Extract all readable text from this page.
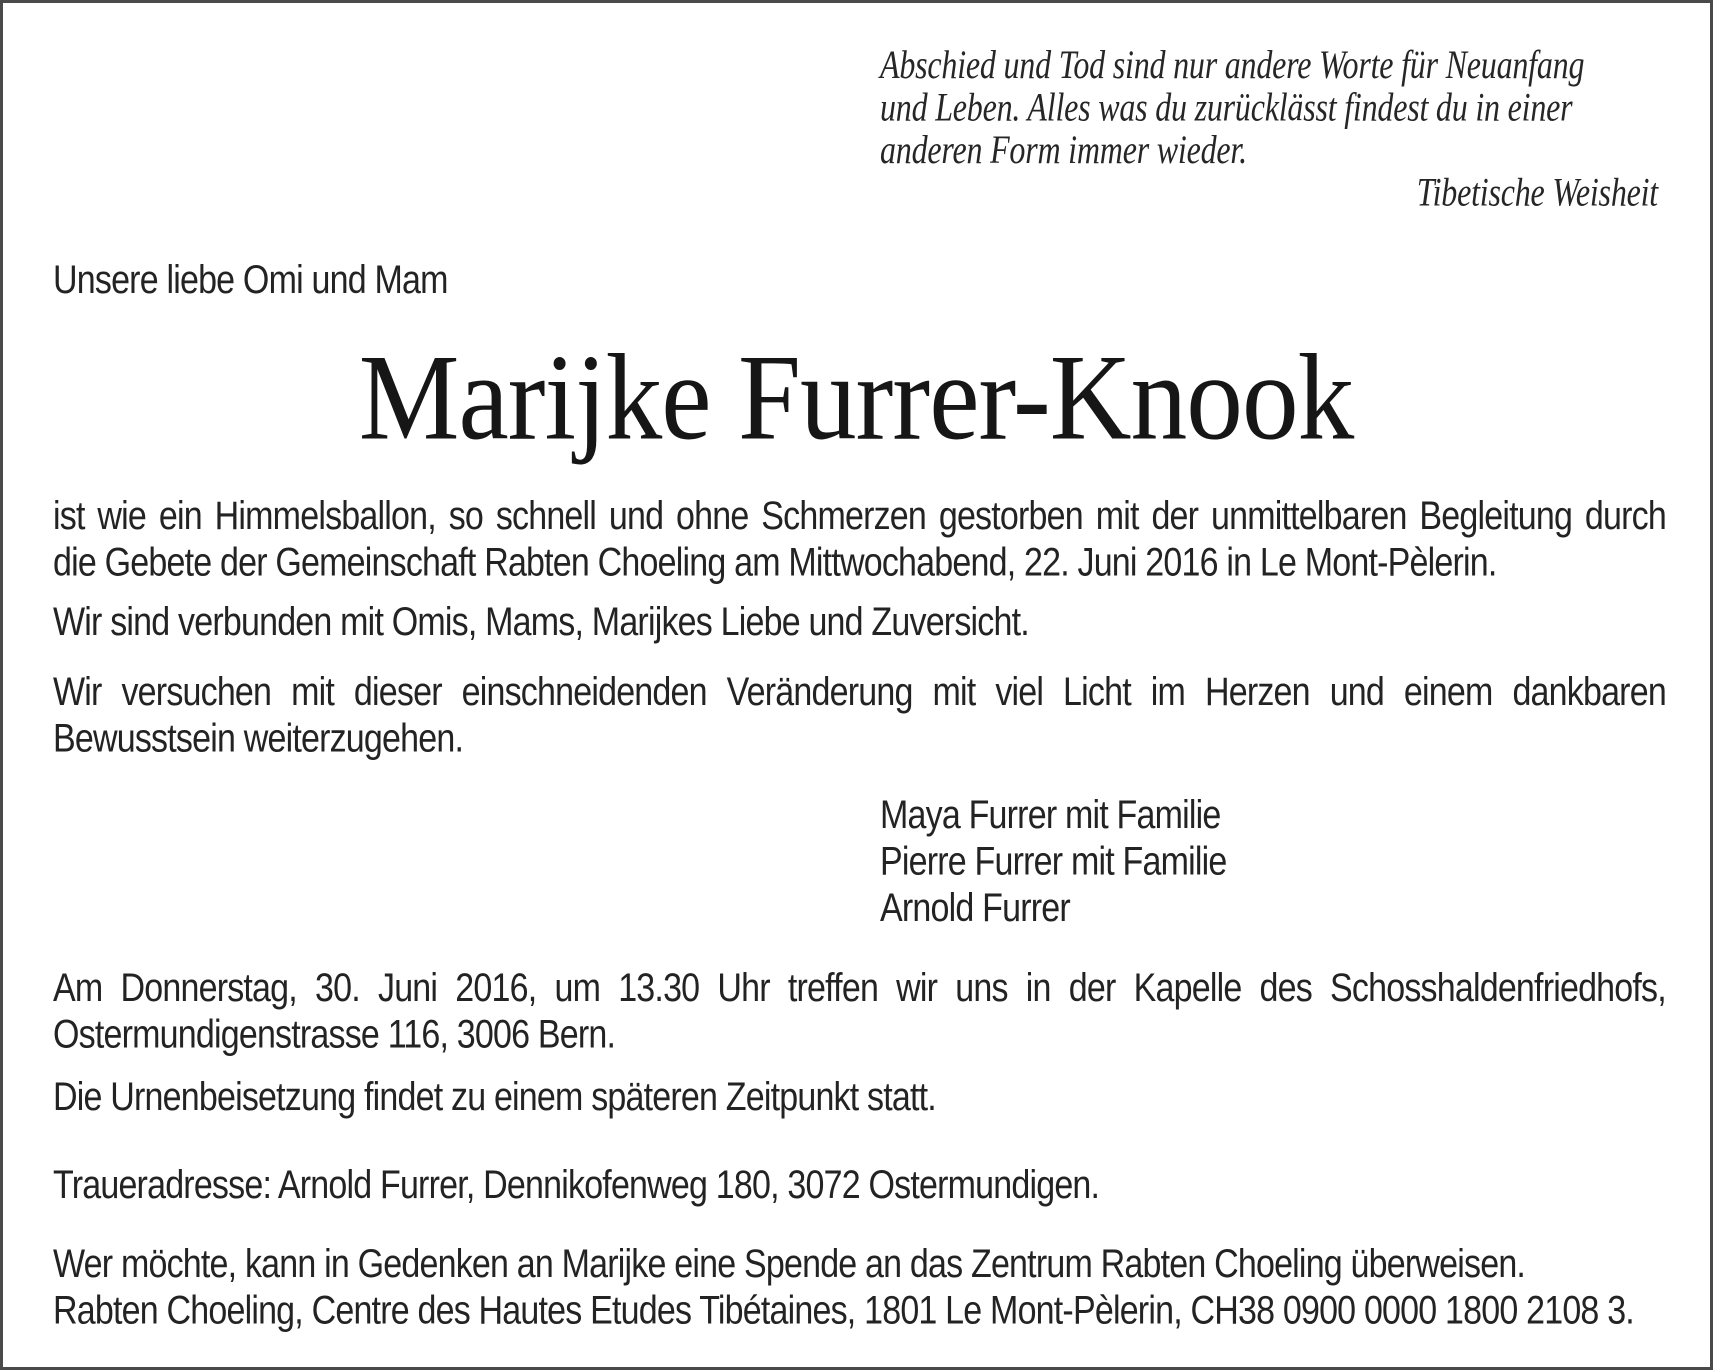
Abschied und Tod sind nur andere Worte für Neuanfang
und Leben. Alles was du zurücklässt findest du in einer
anderen Form immer wieder.
Tibetische Weisheit
Unsere liebe Omi und Mam
Marijke Furrer-Knook
ist wie ein Himmelsballon, so schnell und ohne Schmerzen gestorben mit der unmittelbaren Begleitung durch
die Gebete der Gemeinschaft Rabten Choeling am Mittwochabend, 22. Juni 2016 in Le Mont-Pèlerin.
Wir sind verbunden mit Omis, Mams, Marijkes Liebe und Zuversicht.
Wir versuchen mit dieser einschneidenden Veränderung mit viel Licht im Herzen und einem dankbaren
Bewusstsein weiterzugehen.
Maya Furrer mit Familie
Pierre Furrer mit Familie
Arnold Furrer
Am Donnerstag, 30. Juni 2016, um 13.30 Uhr treffen wir uns in der Kapelle des Schosshaldenfriedhofs,
Ostermundigenstrasse 116, 3006 Bern.
Die Urnenbeisetzung findet zu einem späteren Zeitpunkt statt.
Traueradresse: Arnold Furrer, Dennikofenweg 180, 3072 Ostermundigen.
Wer möchte, kann in Gedenken an Marijke eine Spende an das Zentrum Rabten Choeling überweisen.
Rabten Choeling, Centre des Hautes Etudes Tibétaines, 1801 Le Mont-Pèlerin, CH38 0900 0000 1800 2108 3.
